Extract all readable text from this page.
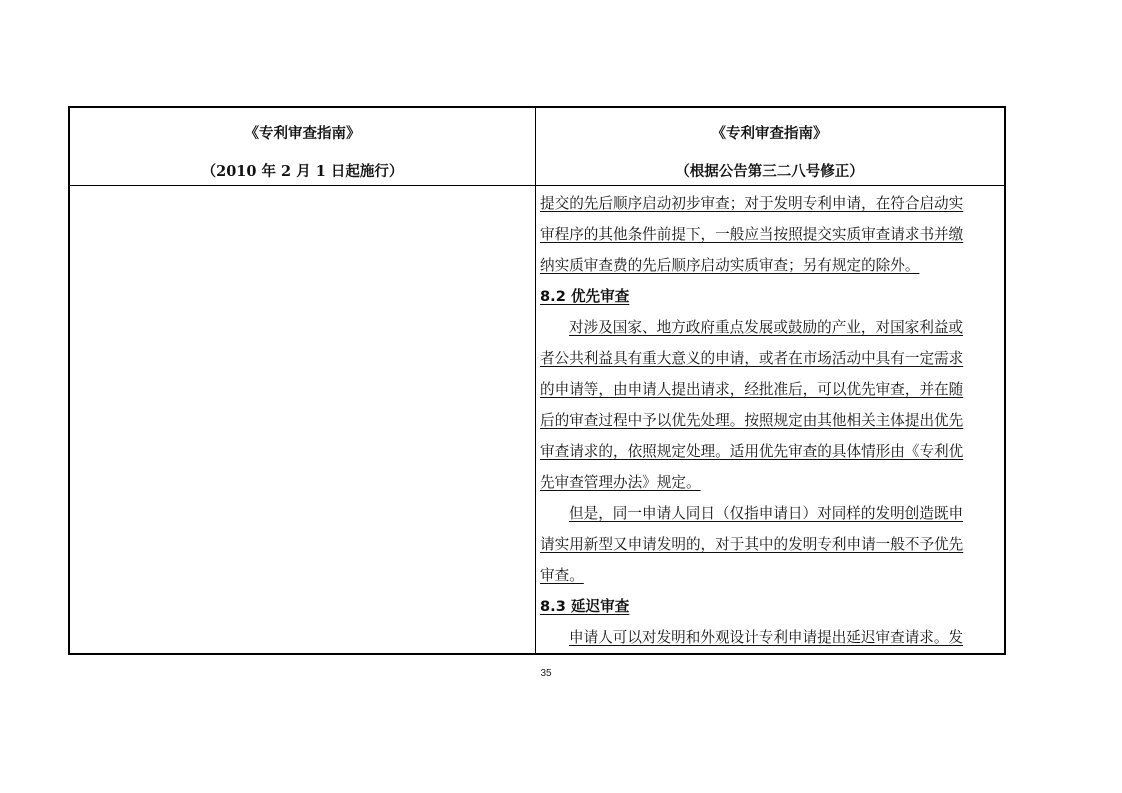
《专利审查指南》
（2010 年 2 月 1 日起施行）
《专利审查指南》
（根据公告第三二八号修正）
提交的先后顺序启动初步审查；对于发明专利申请，在符合启动实
审程序的其他条件前提下，一般应当按照提交实质审查请求书并缴
纳实质审查费的先后顺序启动实质审查；另有规定的除外。
8.2 优先审查
对涉及国家、地方政府重点发展或鼓励的产业，对国家利益或
者公共利益具有重大意义的申请，或者在市场活动中具有一定需求
的申请等，由申请人提出请求，经批准后，可以优先审查，并在随
后的审查过程中予以优先处理。按照规定由其他相关主体提出优先
审查请求的，依照规定处理。适用优先审查的具体情形由《专利优
先审查管理办法》规定。
但是，同一申请人同日（仅指申请日）对同样的发明创造既申
请实用新型又申请发明的，对于其中的发明专利申请一般不予优先
审查。
8.3 延迟审查
申请人可以对发明和外观设计专利申请提出延迟审查请求。发
35
